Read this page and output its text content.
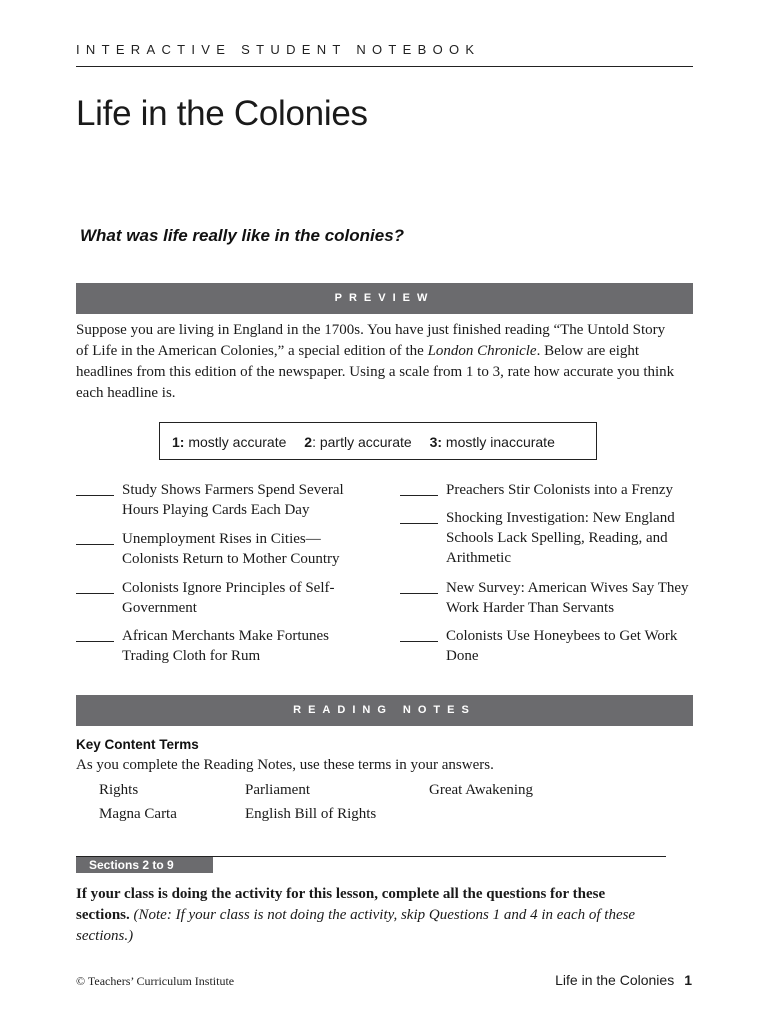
INTERACTIVE STUDENT NOTEBOOK
Life in the Colonies

What was life really like in the colonies?

PREVIEW

Suppose you are living in England in the 1700s. You have just finished reading “The Untold Story of Life in the American Colonies,” a special edition of the London Chronicle. Below are eight headlines from this edition of the newspaper. Using a scale from 1 to 3, rate how accurate you think each headline is.

1: mostly accurate 2: partly accurate 3: mostly inaccurate
Study Shows Farmers Spend Several Hours Playing Cards Each Day
Unemployment Rises in Cities—Colonists Return to Mother Country
Colonists Ignore Principles of Self-Government
African Merchants Make Fortunes Trading Cloth for Rum
Preachers Stir Colonists into a Frenzy
Shocking Investigation: New England Schools Lack Spelling, Reading, and Arithmetic
New Survey: American Wives Say They Work Harder Than Servants
Colonists Use Honeybees to Get Work Done
READING NOTES

Key Content Terms

As you complete the Reading Notes, use these terms in your answers.

Rights	Parliament	Great Awakening
Magna Carta	English Bill of Rights
Sections 2 to 9

If your class is doing the activity for this lesson, complete all the questions for these sections. (Note: If your class is not doing the activity, skip Questions 1 and 4 in each of these sections.)

© Teachers’ Curriculum Institute	Life in the Colonies 1
